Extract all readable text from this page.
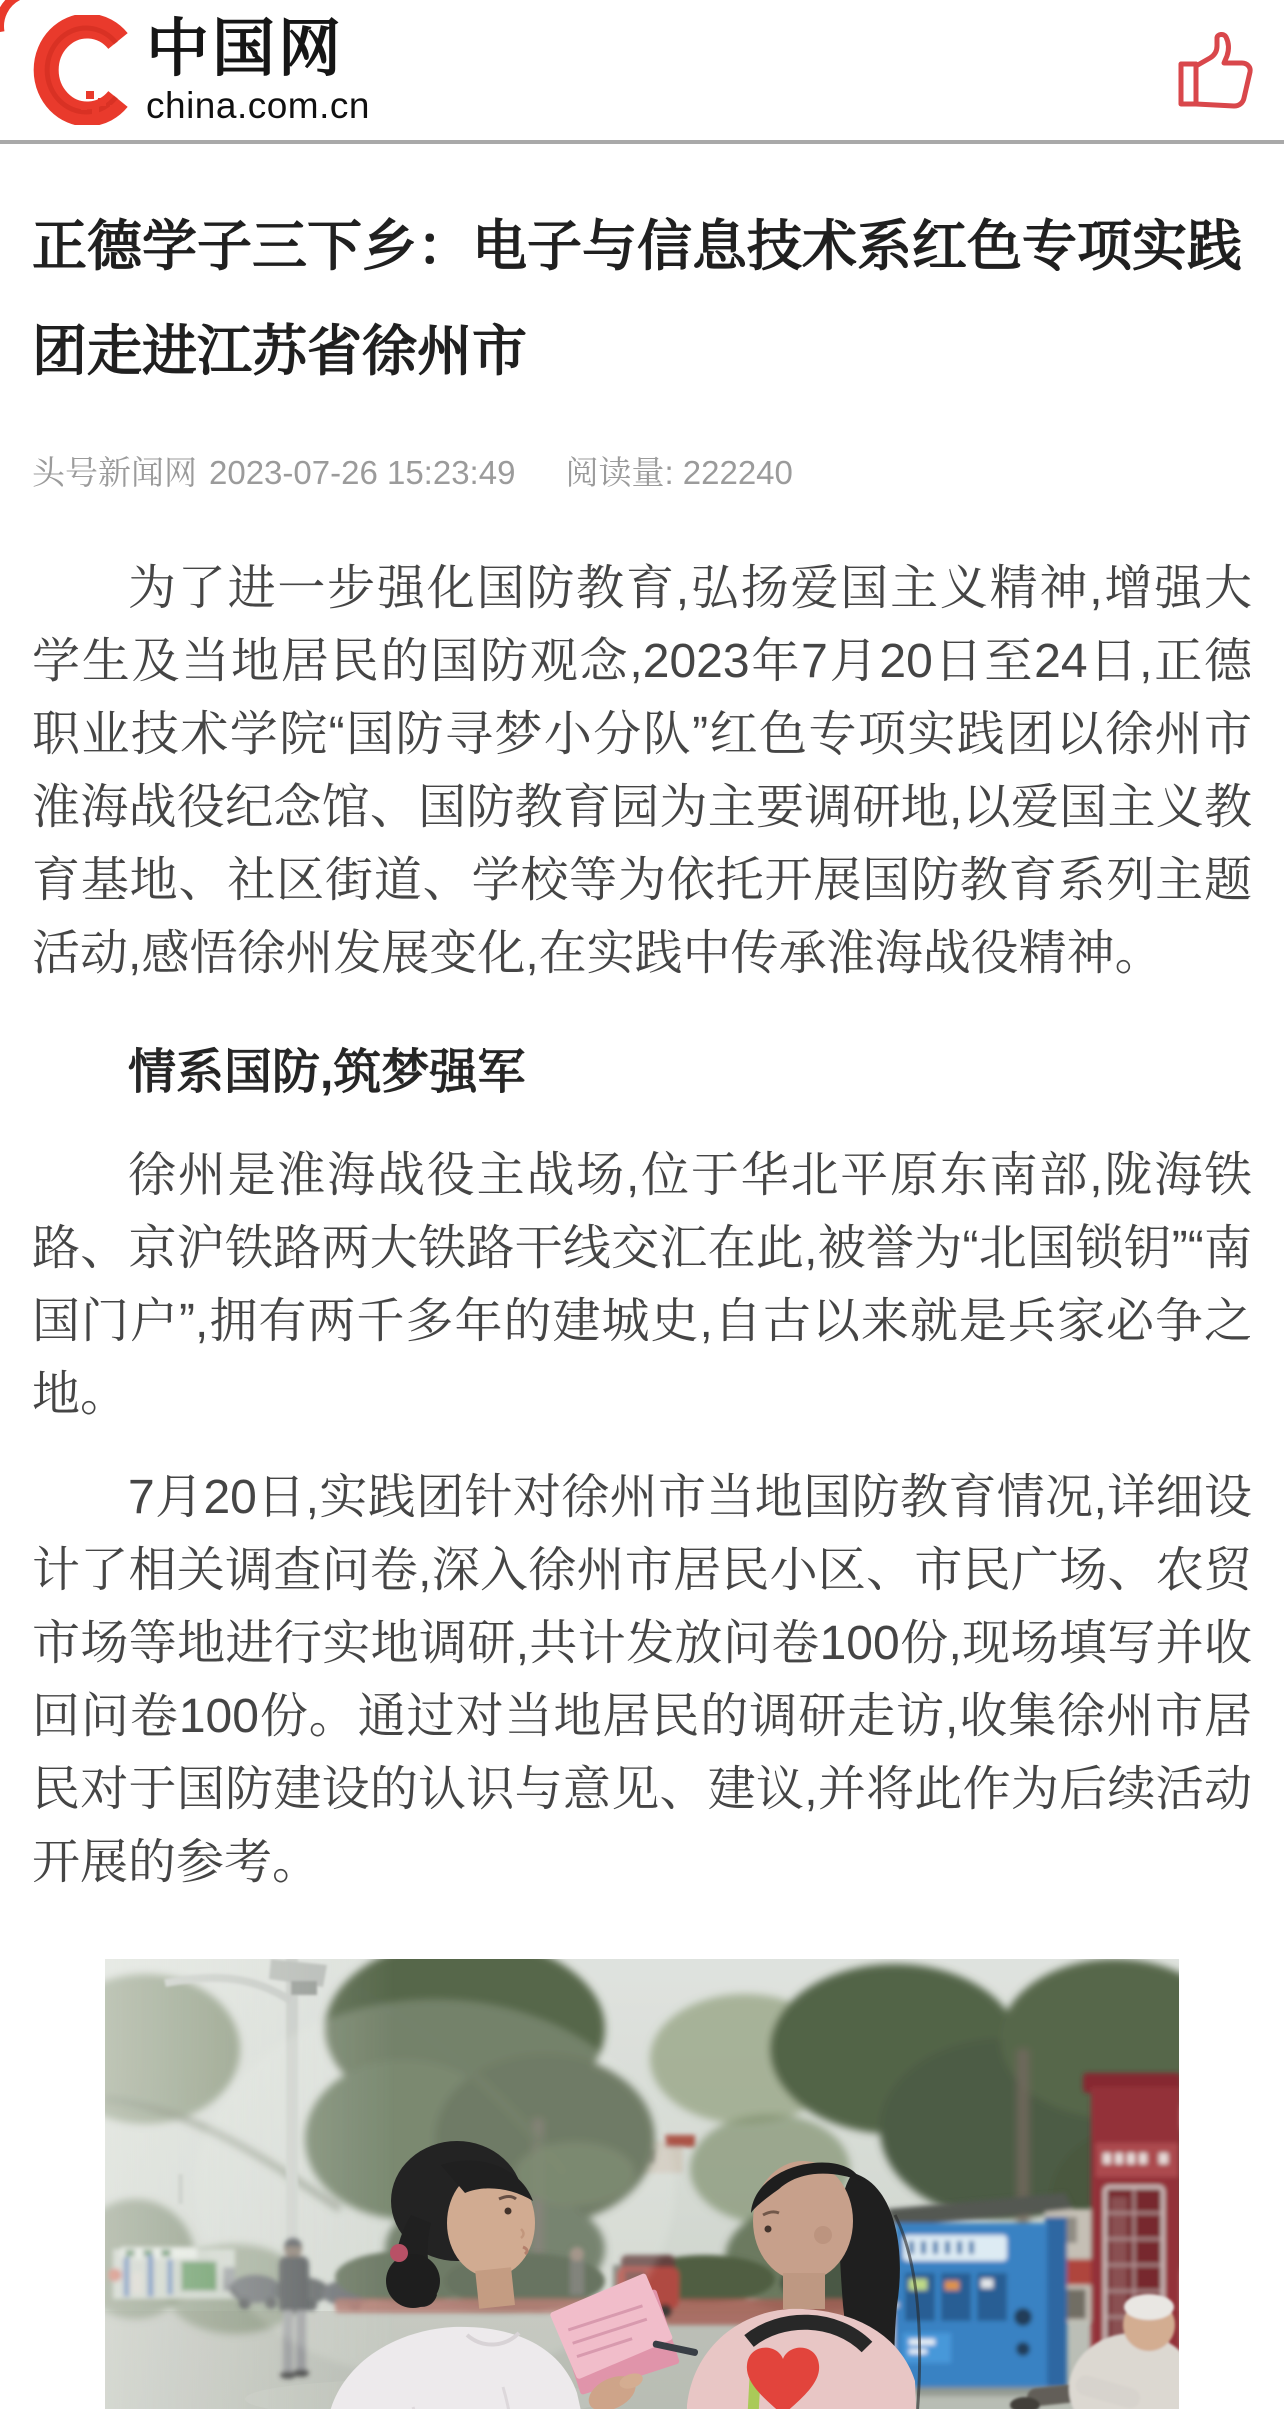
中国网
china.com.cn
正德学子三下乡：电子与信息技术系红色专项实践团走进江苏省徐州市
头号新闻网 2023-07-26 15:23:49 阅读量: 222240

为了进一步强化国防教育,弘扬爱国主义精神,增强大学生及当地居民的国防观念,2023年7月20日至24日,正德职业技术学院“国防寻梦小分队”红色专项实践团以徐州市淮海战役纪念馆、国防教育园为主要调研地,以爱国主义教育基地、社区街道、学校等为依托开展国防教育系列主题活动,感悟徐州发展变化,在实践中传承淮海战役精神。

情系国防,筑梦强军

徐州是淮海战役主战场,位于华北平原东南部,陇海铁路、京沪铁路两大铁路干线交汇在此,被誉为“北国锁钥”“南国门户”,拥有两千多年的建城史,自古以来就是兵家必争之地。

7月20日,实践团针对徐州市当地国防教育情况,详细设计了相关调查问卷,深入徐州市居民小区、市民广场、农贸市场等地进行实地调研,共计发放问卷100份,现场填写并收回问卷100份。通过对当地居民的调研走访,收集徐州市居民对于国防建设的认识与意见、建议,并将此作为后续活动开展的参考。
